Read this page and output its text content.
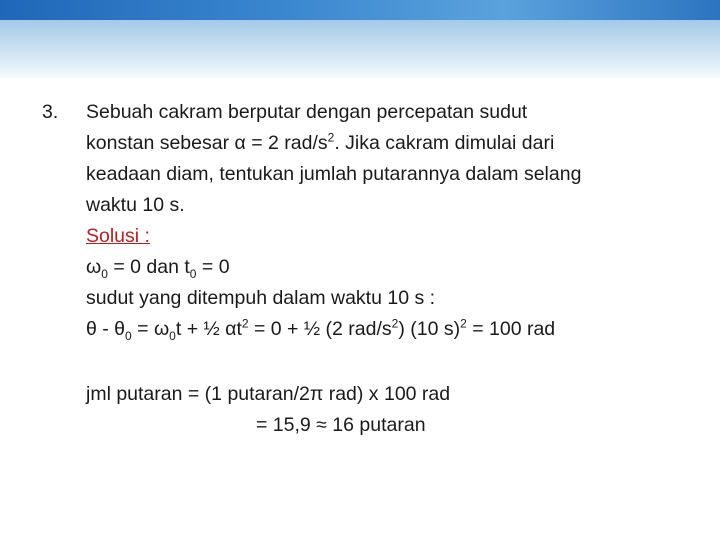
3.	Sebuah cakram berputar dengan percepatan sudut
konstan sebesar α = 2 rad/$s^2$. Jika cakram dimulai dari
keadaan diam, tentukan jumlah putarannya dalam selang
waktu 10 s.
Solusi :
$\omega_0 = 0$ dan $t_0 = 0$
sudut yang ditempuh dalam waktu 10 s :
$\theta - \theta_0 = \omega_0t$ + ½ $\alpha t^2 = 0$ + ½ (2 rad/$s^2$) (10 s)$^2$ = 100 rad
jml putaran = (1 putaran/2π rad) x 100 rad
= 15,9 ≈ 16 putaran
